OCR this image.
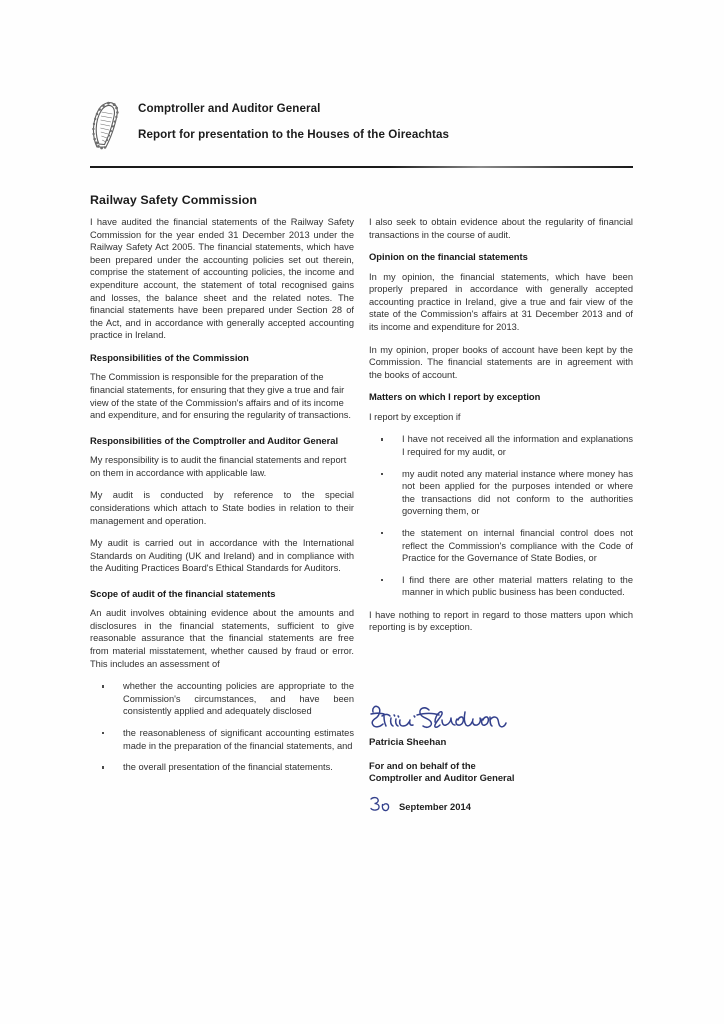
Comptroller and Auditor General
Report for presentation to the Houses of the Oireachtas
Railway Safety Commission

I have audited the financial statements of the Railway Safety Commission for the year ended 31 December 2013 under the Railway Safety Act 2005. The financial statements, which have been prepared under the accounting policies set out therein, comprise the statement of accounting policies, the income and expenditure account, the statement of total recognised gains and losses, the balance sheet and the related notes. The financial statements have been prepared under Section 28 of the Act, and in accordance with generally accepted accounting practice in Ireland.

Responsibilities of the Commission

The Commission is responsible for the preparation of the financial statements, for ensuring that they give a true and fair view of the state of the Commission's affairs and of its income and expenditure, and for ensuring the regularity of transactions.

Responsibilities of the Comptroller and Auditor General

My responsibility is to audit the financial statements and report on them in accordance with applicable law.

My audit is conducted by reference to the special considerations which attach to State bodies in relation to their management and operation.

My audit is carried out in accordance with the International Standards on Auditing (UK and Ireland) and in compliance with the Auditing Practices Board's Ethical Standards for Auditors.

Scope of audit of the financial statements

An audit involves obtaining evidence about the amounts and disclosures in the financial statements, sufficient to give reasonable assurance that the financial statements are free from material misstatement, whether caused by fraud or error. This includes an assessment of

whether the accounting policies are appropriate to the Commission's circumstances, and have been consistently applied and adequately disclosed
the reasonableness of significant accounting estimates made in the preparation of the financial statements, and
the overall presentation of the financial statements.

I also seek to obtain evidence about the regularity of financial transactions in the course of audit.

Opinion on the financial statements

In my opinion, the financial statements, which have been properly prepared in accordance with generally accepted accounting practice in Ireland, give a true and fair view of the state of the Commission's affairs at 31 December 2013 and of its income and expenditure for 2013.

In my opinion, proper books of account have been kept by the Commission. The financial statements are in agreement with the books of account.

Matters on which I report by exception

I report by exception if

I have not received all the information and explanations I required for my audit, or
my audit noted any material instance where money has not been applied for the purposes intended or where the transactions did not conform to the authorities governing them, or
the statement on internal financial control does not reflect the Commission's compliance with the Code of Practice for the Governance of State Bodies, or
I find there are other material matters relating to the manner in which public business has been conducted.

I have nothing to report in regard to those matters upon which reporting is by exception.

Patricia Sheehan
For and on behalf of the
Comptroller and Auditor General
September 2014
